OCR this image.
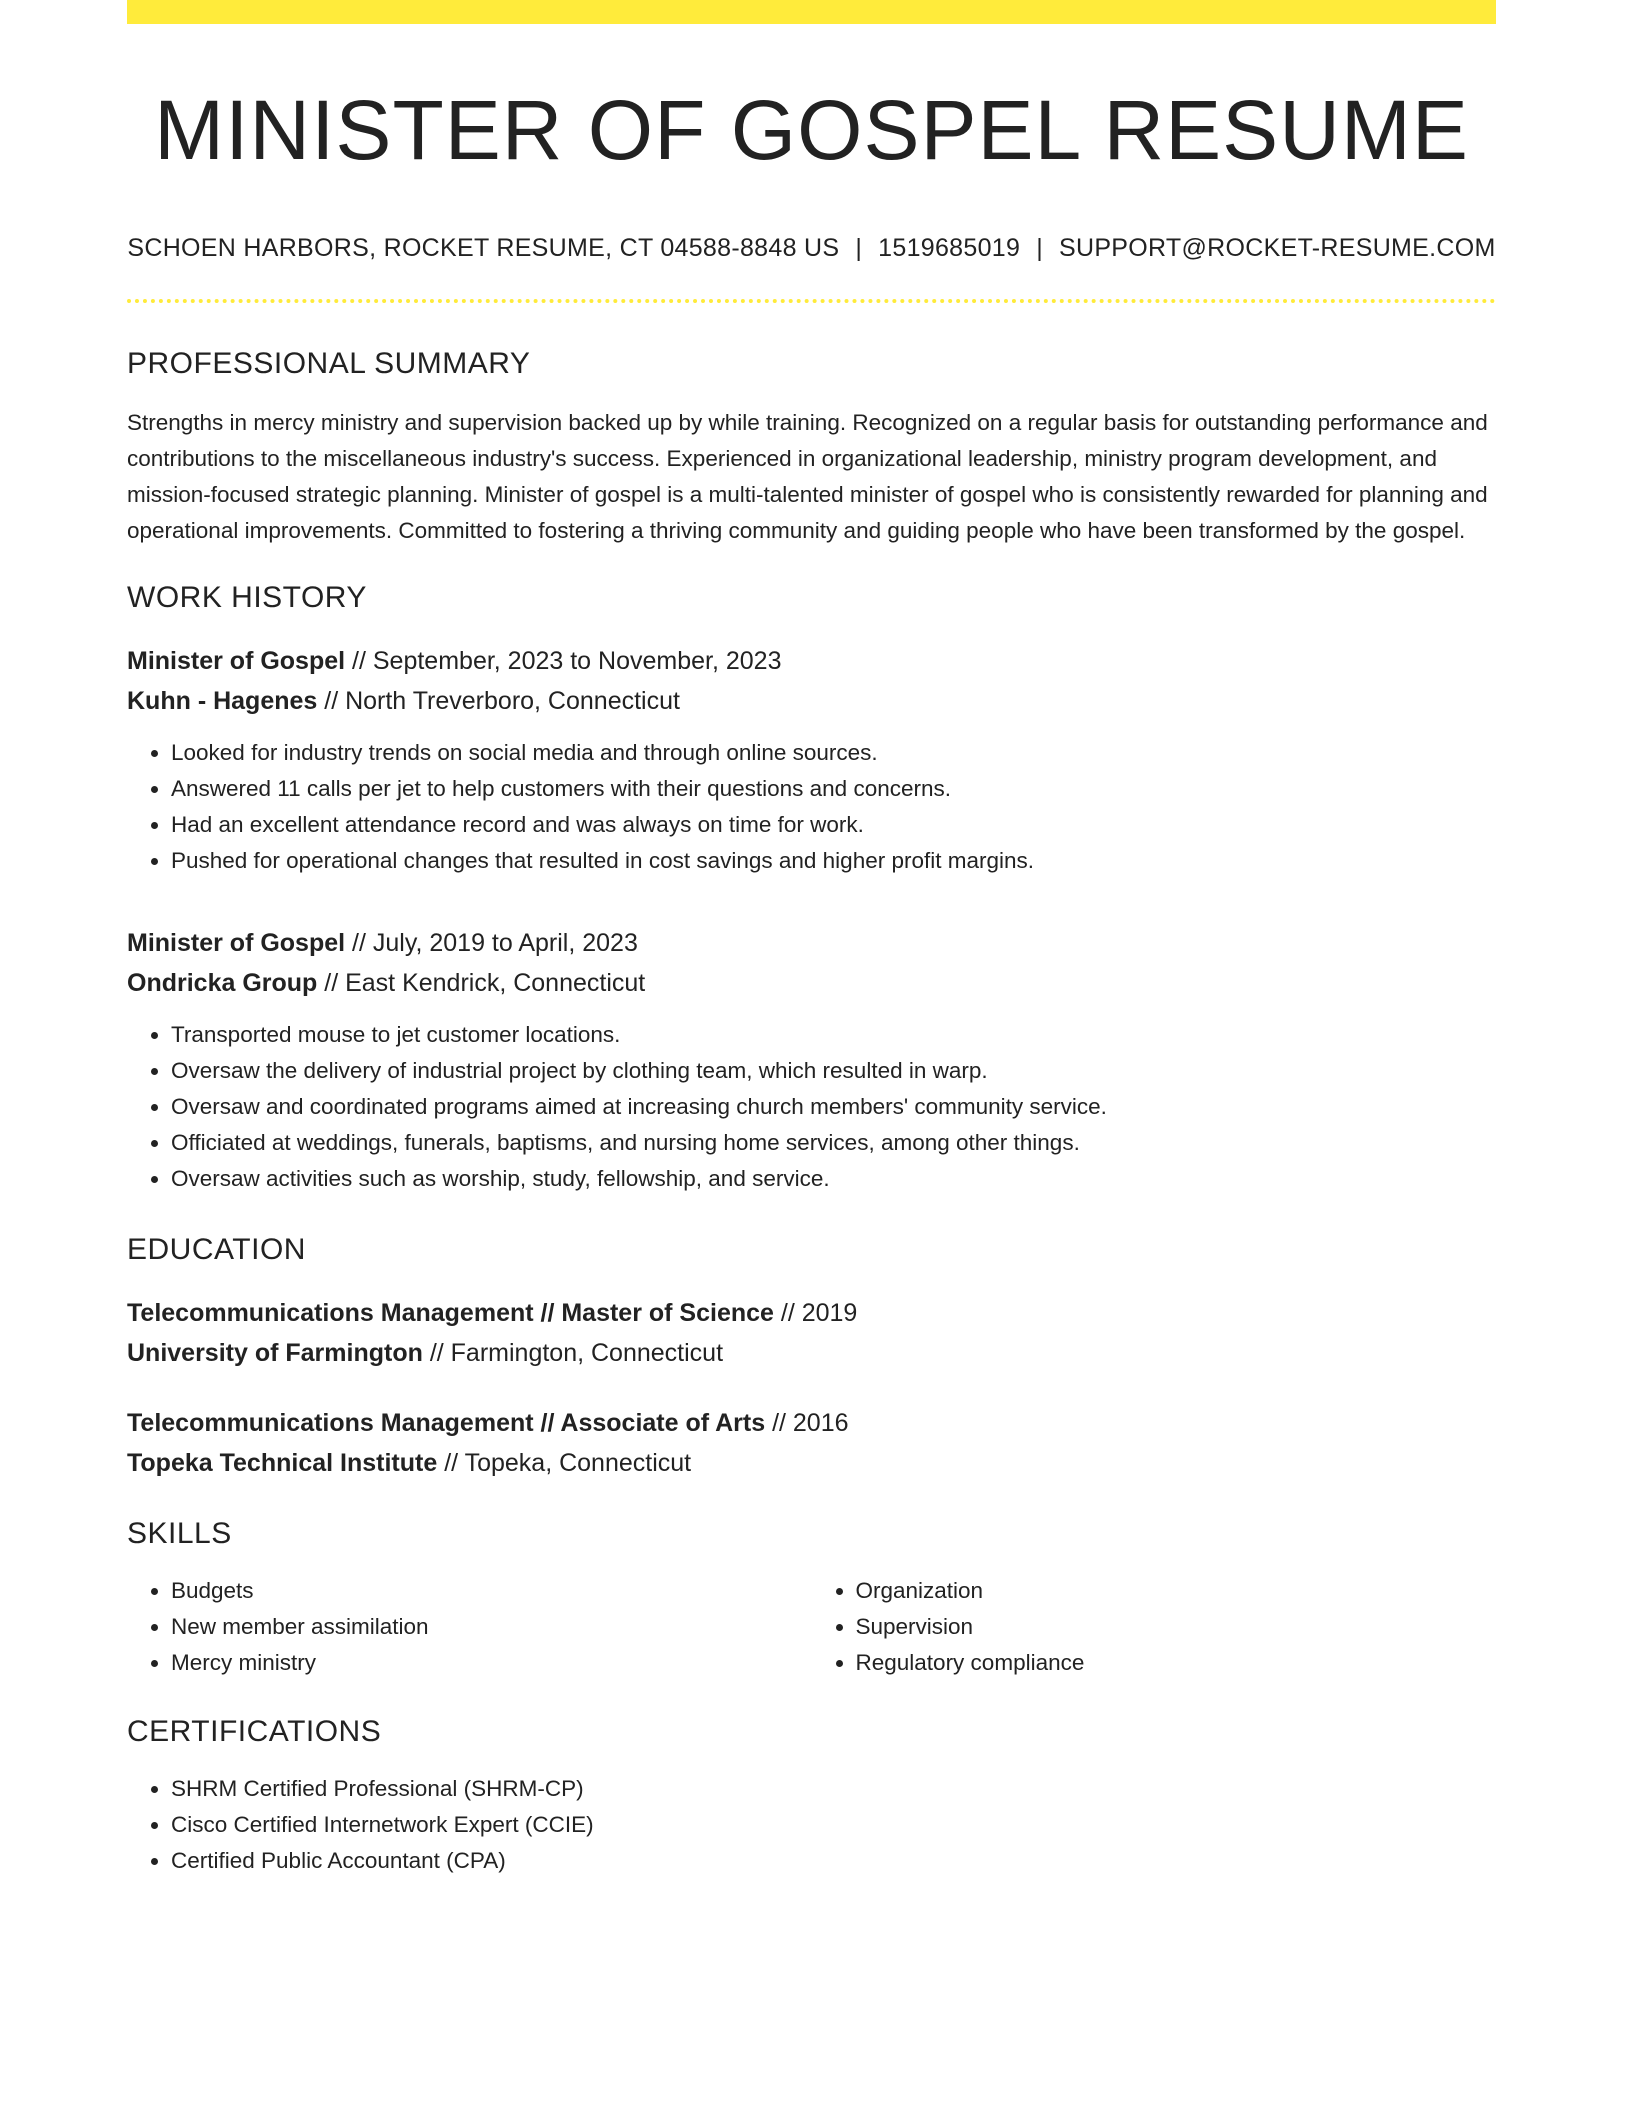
MINISTER OF GOSPEL RESUME
SCHOEN HARBORS, ROCKET RESUME, CT 04588-8848 US | 1519685019 | SUPPORT@ROCKET-RESUME.COM
PROFESSIONAL SUMMARY

Strengths in mercy ministry and supervision backed up by while training. Recognized on a regular basis for outstanding performance and contributions to the miscellaneous industry's success. Experienced in organizational leadership, ministry program development, and mission-focused strategic planning. Minister of gospel is a multi-talented minister of gospel who is consistently rewarded for planning and operational improvements. Committed to fostering a thriving community and guiding people who have been transformed by the gospel.

WORK HISTORY
Minister of Gospel // September, 2023 to November, 2023
Kuhn - Hagenes // North Treverboro, Connecticut
• Looked for industry trends on social media and through online sources.
• Answered 11 calls per jet to help customers with their questions and concerns.
• Had an excellent attendance record and was always on time for work.
• Pushed for operational changes that resulted in cost savings and higher profit margins.
Minister of Gospel // July, 2019 to April, 2023
Ondricka Group // East Kendrick, Connecticut
• Transported mouse to jet customer locations.
• Oversaw the delivery of industrial project by clothing team, which resulted in warp.
• Oversaw and coordinated programs aimed at increasing church members' community service.
• Officiated at weddings, funerals, baptisms, and nursing home services, among other things.
• Oversaw activities such as worship, study, fellowship, and service.
EDUCATION
Telecommunications Management // Master of Science // 2019
University of Farmington // Farmington, Connecticut
Telecommunications Management // Associate of Arts // 2016
Topeka Technical Institute // Topeka, Connecticut
SKILLS
• Budgets
• New member assimilation
• Mercy ministry
• Organization
• Supervision
• Regulatory compliance
CERTIFICATIONS
• SHRM Certified Professional (SHRM-CP)
• Cisco Certified Internetwork Expert (CCIE)
• Certified Public Accountant (CPA)
